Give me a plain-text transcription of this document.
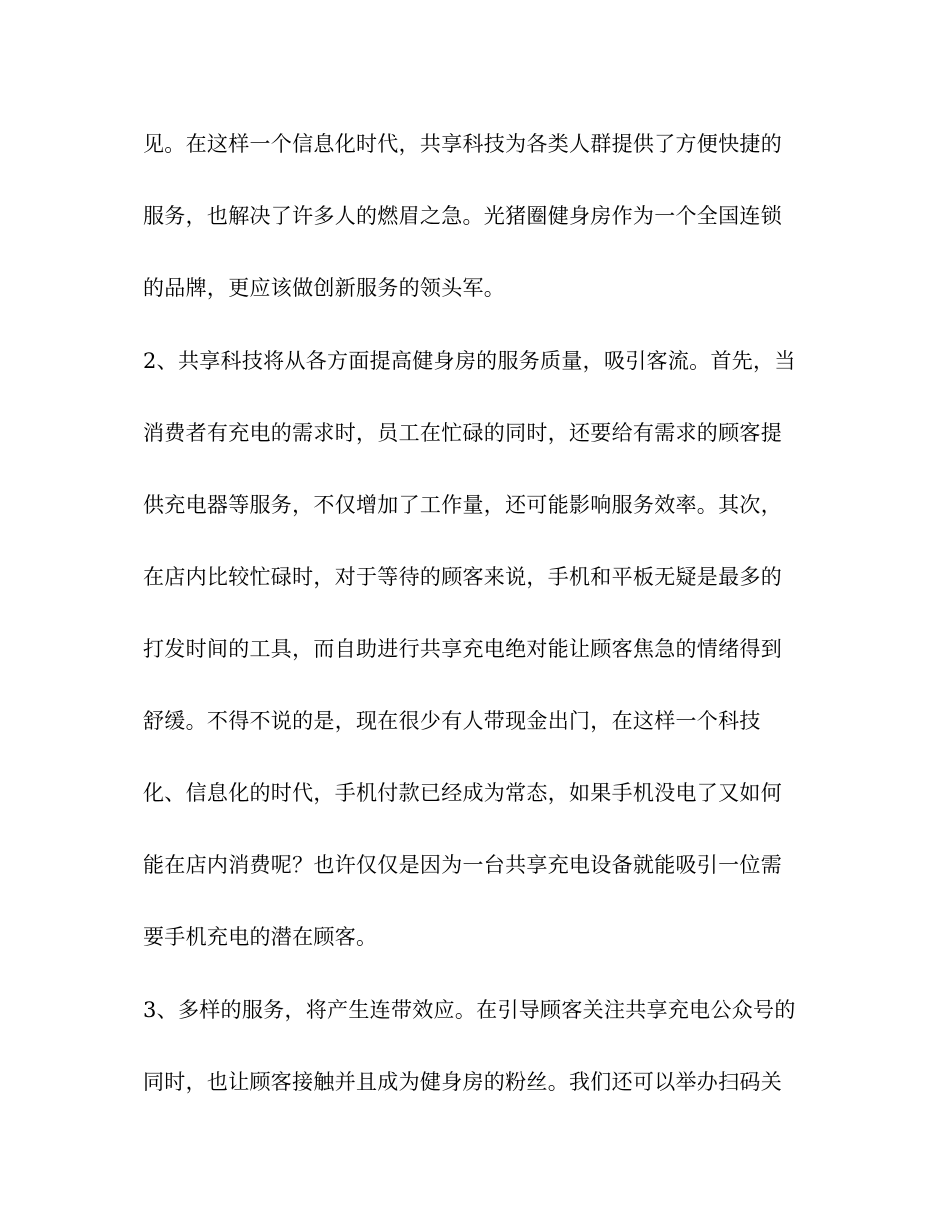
见。在这样一个信息化时代，共享科技为各类人群提供了方便快捷的
服务，也解决了许多人的燃眉之急。光猪圈健身房作为一个全国连锁
的品牌，更应该做创新服务的领头军。
2、共享科技将从各方面提高健身房的服务质量，吸引客流。首先，当
消费者有充电的需求时，员工在忙碌的同时，还要给有需求的顾客提
供充电器等服务，不仅增加了工作量，还可能影响服务效率。其次，
在店内比较忙碌时，对于等待的顾客来说，手机和平板无疑是最多的
打发时间的工具，而自助进行共享充电绝对能让顾客焦急的情绪得到
舒缓。不得不说的是，现在很少有人带现金出门，在这样一个科技
化、信息化的时代，手机付款已经成为常态，如果手机没电了又如何
能在店内消费呢？也许仅仅是因为一台共享充电设备就能吸引一位需
要手机充电的潜在顾客。
3、多样的服务，将产生连带效应。在引导顾客关注共享充电公众号的
同时，也让顾客接触并且成为健身房的粉丝。我们还可以举办扫码关
